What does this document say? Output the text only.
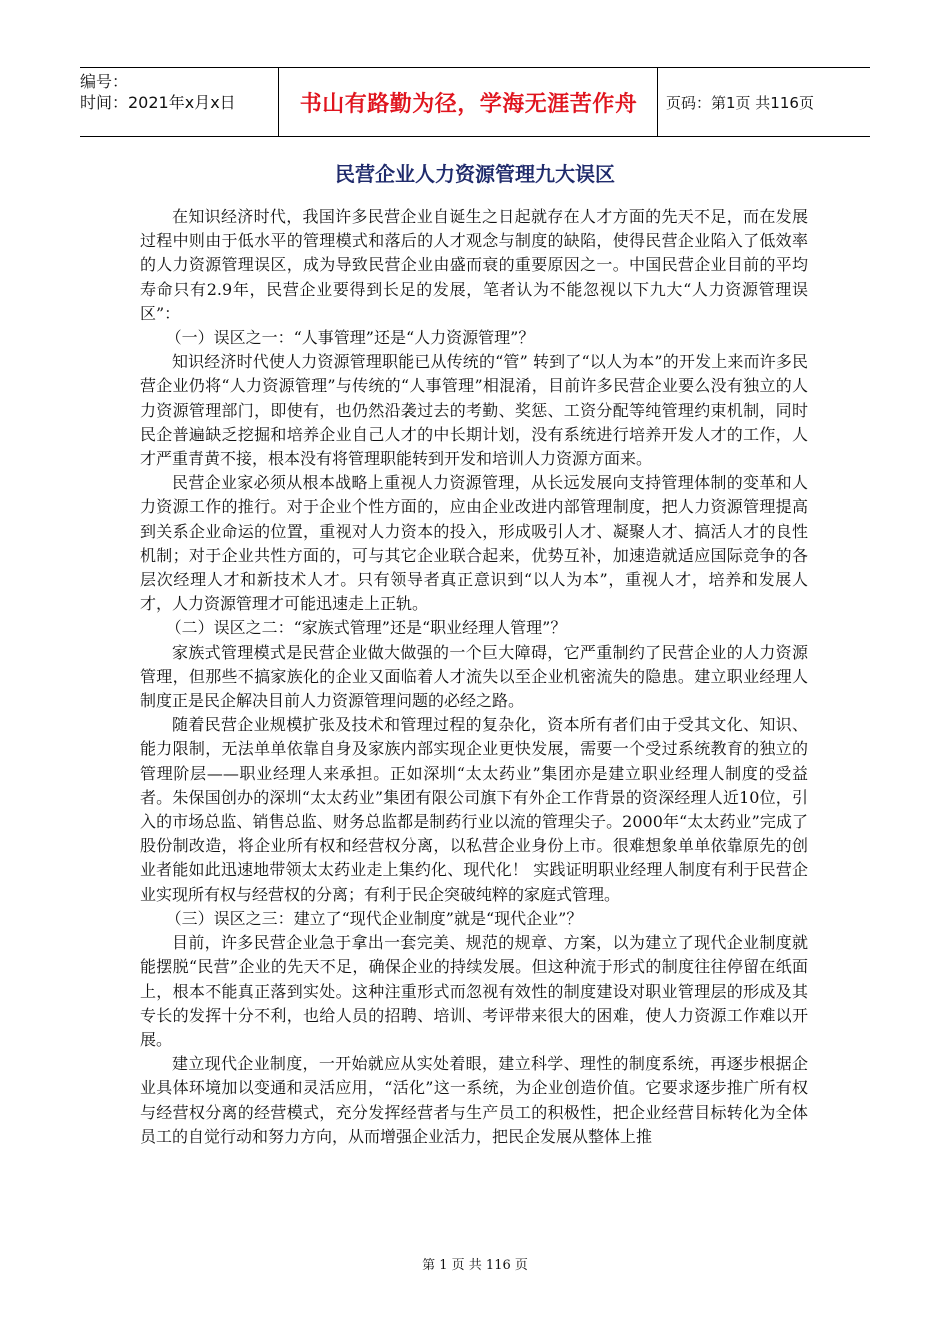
编号：
时间：2021年x月x日	书山有路勤为径，学海无涯苦作舟	页码：第1页 共116页
民营企业人力资源管理九大误区

在知识经济时代，我国许多民营企业自诞生之日起就存在人才方面的先天不足，而在发展过程中则由于低水平的管理模式和落后的人才观念与制度的缺陷，使得民营企业陷入了低效率的人力资源管理误区，成为导致民营企业由盛而衰的重要原因之一。中国民营企业目前的平均寿命只有2.9年，民营企业要得到长足的发展，笔者认为不能忽视以下九大“人力资源管理误区”：

（一）误区之一：“人事管理”还是“人力资源管理”？

知识经济时代使人力资源管理职能已从传统的“管” 转到了“以人为本”的开发上来而许多民营企业仍将“人力资源管理”与传统的“人事管理”相混淆，目前许多民营企业要么没有独立的人力资源管理部门，即使有，也仍然沿袭过去的考勤、奖惩、工资分配等纯管理约束机制，同时民企普遍缺乏挖掘和培养企业自己人才的中长期计划，没有系统进行培养开发人才的工作，人才严重青黄不接，根本没有将管理职能转到开发和培训人力资源方面来。

民营企业家必须从根本战略上重视人力资源管理，从长远发展向支持管理体制的变革和人力资源工作的推行。对于企业个性方面的，应由企业改进内部管理制度，把人力资源管理提高到关系企业命运的位置，重视对人力资本的投入，形成吸引人才、凝聚人才、搞活人才的良性机制；对于企业共性方面的，可与其它企业联合起来，优势互补，加速造就适应国际竞争的各层次经理人才和新技术人才。只有领导者真正意识到“以人为本”，重视人才，培养和发展人才，人力资源管理才可能迅速走上正轨。

（二）误区之二：“家族式管理”还是“职业经理人管理”？

家族式管理模式是民营企业做大做强的一个巨大障碍，它严重制约了民营企业的人力资源管理，但那些不搞家族化的企业又面临着人才流失以至企业机密流失的隐患。建立职业经理人制度正是民企解决目前人力资源管理问题的必经之路。

随着民营企业规模扩张及技术和管理过程的复杂化，资本所有者们由于受其文化、知识、能力限制，无法单单依靠自身及家族内部实现企业更快发展，需要一个受过系统教育的独立的管理阶层——职业经理人来承担。正如深圳“太太药业”集团亦是建立职业经理人制度的受益者。朱保国创办的深圳“太太药业”集团有限公司旗下有外企工作背景的资深经理人近10位，引入的市场总监、销售总监、财务总监都是制药行业以流的管理尖子。2000年“太太药业”完成了股份制改造，将企业所有权和经营权分离，以私营企业身份上市。很难想象单单依靠原先的创业者能如此迅速地带领太太药业走上集约化、现代化！ 实践证明职业经理人制度有利于民营企业实现所有权与经营权的分离；有利于民企突破纯粹的家庭式管理。

（三）误区之三：建立了“现代企业制度”就是“现代企业”？

目前，许多民营企业急于拿出一套完美、规范的规章、方案，以为建立了现代企业制度就能摆脱“民营”企业的先天不足，确保企业的持续发展。但这种流于形式的制度往往停留在纸面上，根本不能真正落到实处。这种注重形式而忽视有效性的制度建设对职业管理层的形成及其专长的发挥十分不利，也给人员的招聘、培训、考评带来很大的困难，使人力资源工作难以开展。

建立现代企业制度，一开始就应从实处着眼，建立科学、理性的制度系统，再逐步根据企业具体环境加以变通和灵活应用，“活化”这一系统，为企业创造价值。它要求逐步推广所有权与经营权分离的经营模式，充分发挥经营者与生产员工的积极性，把企业经营目标转化为全体员工的自觉行动和努力方向，从而增强企业活力，把民企发展从整体上推

第 1 页 共 116 页
